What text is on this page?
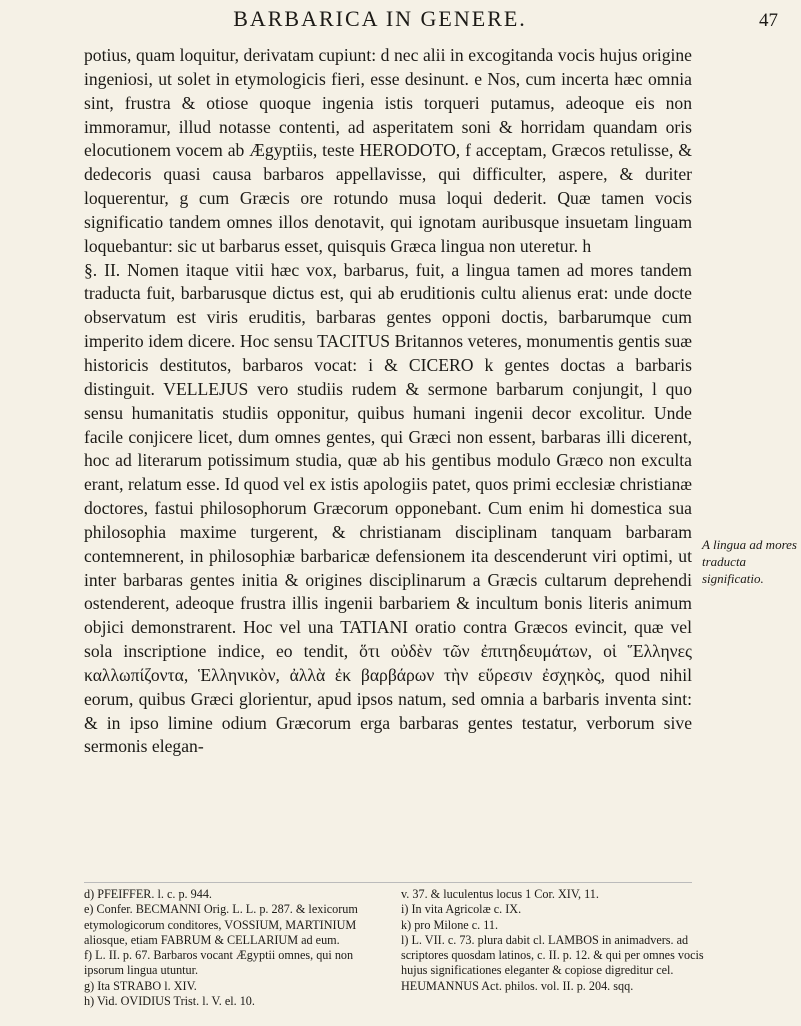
BARBARICA IN GENERE.	47

potius, quam loquitur, derivatam cupiunt: d nec alii in excogitanda vocis hujus origine ingeniosi, ut solet in etymologicis fieri, esse desinunt. e Nos, cum incerta hæc omnia sint, frustra & otiose quoque ingenia istis torqueri putamus, adeoque eis non immoramur, illud notasse contenti, ad asperitatem soni & horridam quandam oris elocutionem vocem ab Ægyptiis, teste HERODOTO, f acceptam, Græcos retulisse, & dedecoris quasi causa barbaros appellavisse, qui difficulter, aspere, & duriter loquerentur, g cum Græcis ore rotundo musa loqui dederit. Quæ tamen vocis significatio tandem omnes illos denotavit, qui ignotam auribusque insuetam linguam loquebantur: sic ut barbarus esset, quisquis Græca lingua non uteretur. h

§. II. Nomen itaque vitii hæc vox, barbarus, fuit, a lingua tamen ad mores tandem traducta fuit, barbarusque dictus est, qui ab eruditionis cultu alienus erat: unde docte observatum est viris eruditis, barbaras gentes opponi doctis, barbarumque cum imperito idem dicere. Hoc sensu TACITUS Britannos veteres, monumentis gentis suæ historicis destitutos, barbaros vocat: i & CICERO k gentes doctas a barbaris distinguit. VELLEJUS vero studiis rudem & sermone barbarum conjungit, l quo sensu humanitatis studiis opponitur, quibus humani ingenii decor excolitur. Unde facile conjicere licet, dum omnes gentes, qui Græci non essent, barbaras illi dicerent, hoc ad literarum potissimum studia, quæ ab his gentibus modulo Græco non exculta erant, relatum esse. Id quod vel ex istis apologiis patet, quos primi ecclesiæ christianæ doctores, fastui philosophorum Græcorum opponebant. Cum enim hi domestica sua philosophia maxime turgerent, & christianam disciplinam tanquam barbaram contemnerent, in philosophiæ barbaricæ defensionem ita descenderunt viri optimi, ut inter barbaras gentes initia & origines disciplinarum a Græcis cultarum deprehendi ostenderent, adeoque frustra illis ingenii barbariem & incultum bonis literis animum objici demonstrarent. Hoc vel una TATIANI oratio contra Græcos evincit, quæ vel sola inscriptione indice, eo tendit, ὅτι οὐδὲν τῶν ἐπιτηδευμάτων, οἱ Ἕλληνες καλλωπίζοντα, Ἑλληνικὸν, ἀλλὰ ἐκ βαρβάρων τὴν εὕρεσιν ἐσχηκὸς, quod nihil eorum, quibus Græci glorientur, apud ipsos natum, sed omnia a barbaris inventa sint: & in ipso limine odium Græcorum erga barbaras gentes testatur, verborum sive sermonis elegan-

A lingua ad mores traducta significatio.

d) PFEIFFER. l. c. p. 944.

e) Confer. BECMANNI Orig. L. L. p. 287. & lexicorum etymologicorum conditores, VOSSIUM, MARTINIUM aliosque, etiam FABRUM & CELLARIUM ad eum.

f) L. II. p. 67. Barbaros vocant Ægyptii omnes, qui non ipsorum lingua utuntur.

g) Ita STRABO l. XIV.

h) Vid. OVIDIUS Trist. l. V. el. 10.

v. 37. & luculentus locus 1 Cor. XIV, 11.

i) In vita Agricolæ c. IX.

k) pro Milone c. 11.

l) L. VII. c. 73. plura dabit cl. LAMBOS in animadvers. ad scriptores quosdam latinos, c. II. p. 12. & qui per omnes vocis hujus significationes eleganter & copiose digreditur cel. HEUMANNUS Act. philos. vol. II. p. 204. sqq.
